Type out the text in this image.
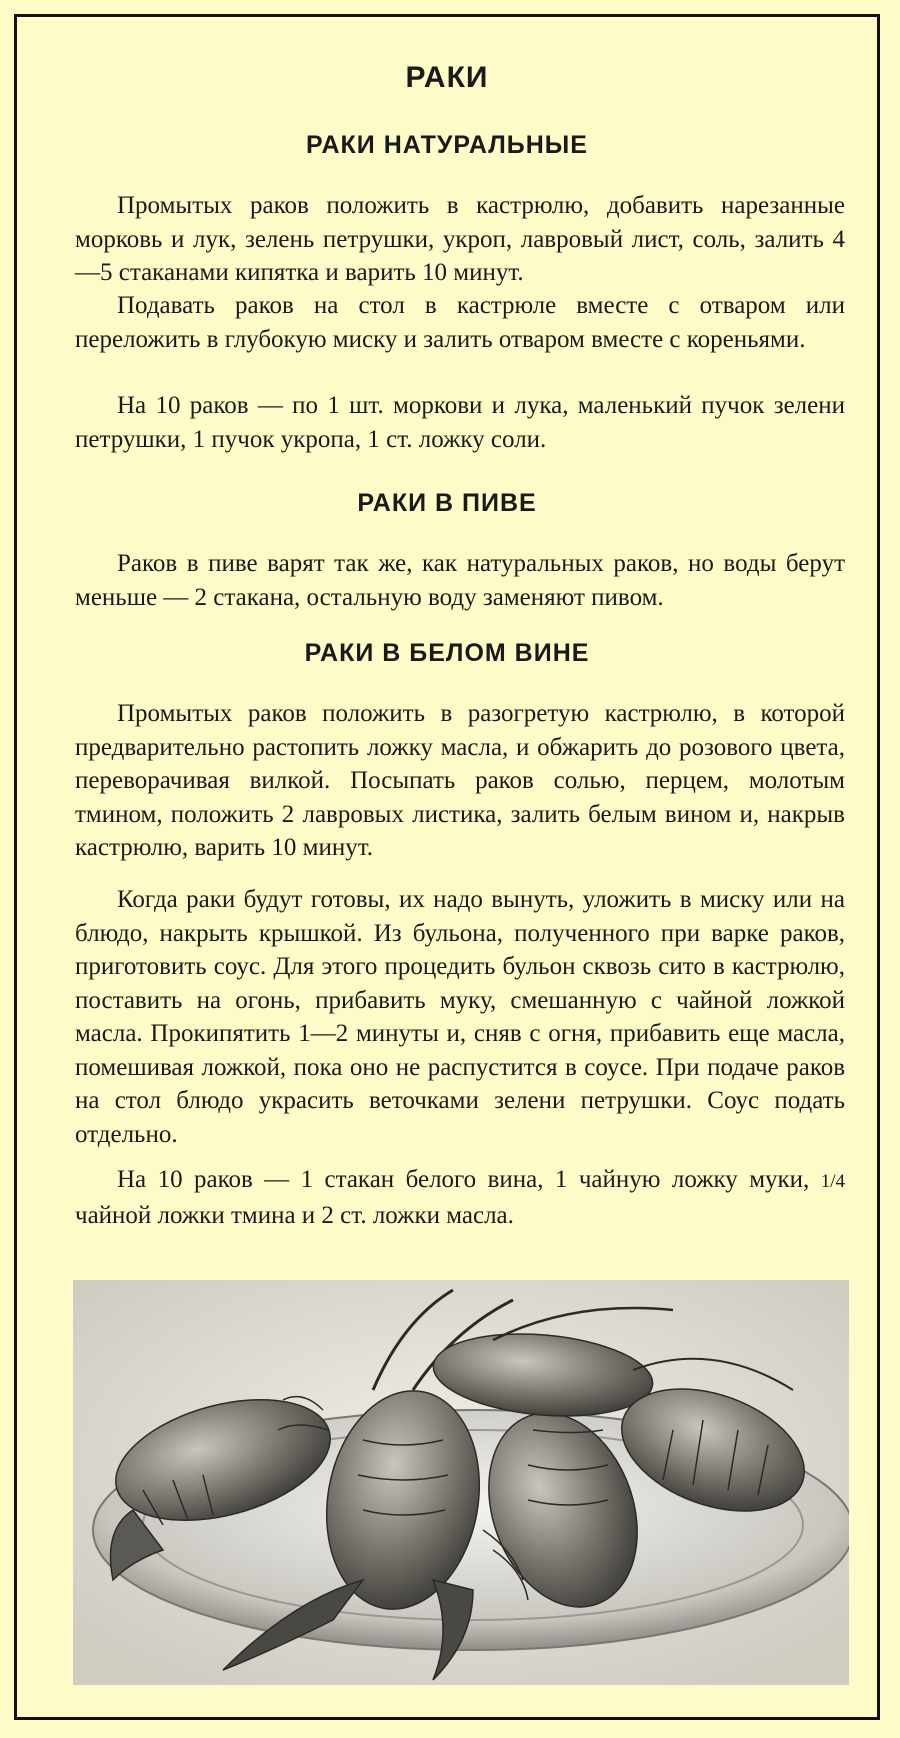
РАКИ
РАКИ НАТУРАЛЬНЫЕ

Промытых раков положить в кастрюлю, добавить нарезанные морковь и лук, зелень петрушки, укроп, лавровый лист, соль, залить 4—5 стаканами кипятка и варить 10 минут.

Подавать раков на стол в кастрюле вместе с отваром или переложить в глубокую миску и залить отваром вместе с кореньями.

На 10 раков — по 1 шт. моркови и лука, маленький пучок зелени петрушки, 1 пучок укропа, 1 ст. ложку соли.

РАКИ В ПИВЕ

Раков в пиве варят так же, как натуральных раков, но воды берут меньше — 2 стакана, остальную воду заменяют пивом.

РАКИ В БЕЛОМ ВИНЕ

Промытых раков положить в разогретую кастрюлю, в которой предварительно растопить ложку масла, и обжарить до розового цвета, переворачивая вилкой. Посыпать раков солью, перцем, молотым тмином, положить 2 лавровых листика, залить белым вином и, накрыв кастрюлю, варить 10 минут.

Когда раки будут готовы, их надо вынуть, уложить в миску или на блюдо, накрыть крышкой. Из бульона, полученного при варке раков, приготовить соус. Для этого процедить бульон сквозь сито в кастрюлю, поставить на огонь, прибавить муку, смешанную с чайной ложкой масла. Прокипятить 1—2 минуты и, сняв с огня, прибавить еще масла, помешивая ложкой, пока оно не распустится в соусе. При подаче раков на стол блюдо украсить веточками зелени петрушки. Соус подать отдельно.

На 10 раков — 1 стакан белого вина, 1 чайную ложку муки, 1/4 чайной ложки тмина и 2 ст. ложки масла.
